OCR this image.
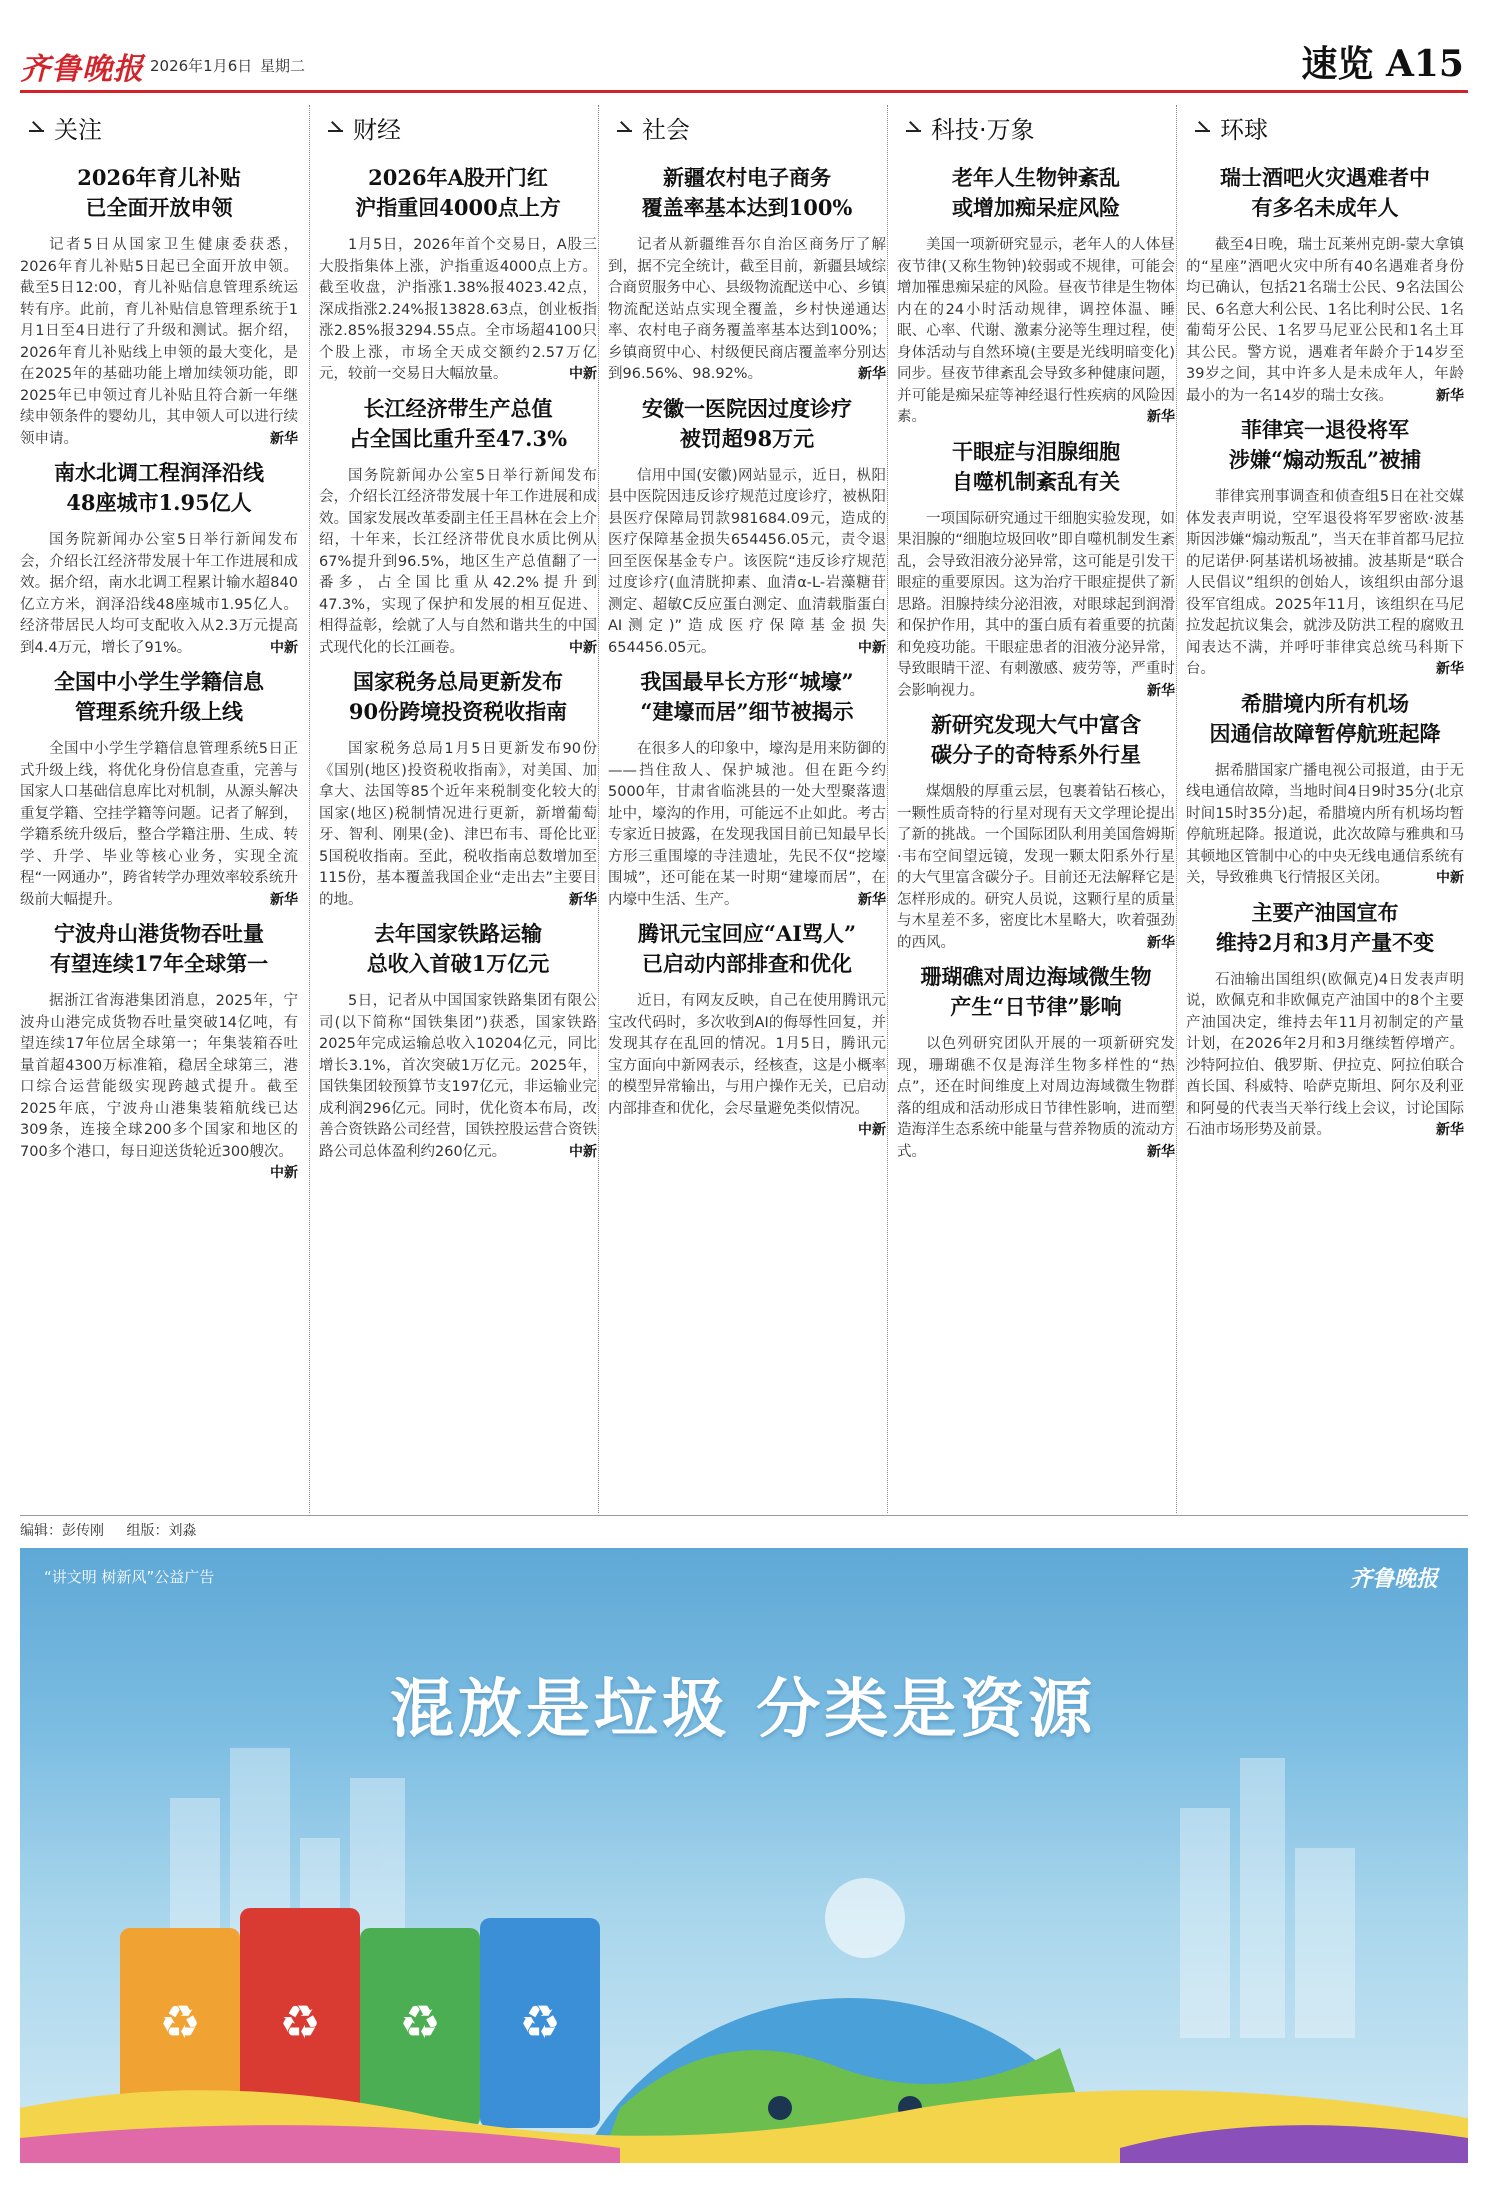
齐鲁晚报 2026年1月6日 星期二	速览 A15
关注
2026年育儿补贴
已全面开放申领
记者5日从国家卫生健康委获悉，2026年育儿补贴5日起已全面开放申领。截至5日12:00，育儿补贴信息管理系统运转有序。此前，育儿补贴信息管理系统于1月1日至4日进行了升级和测试。据介绍，2026年育儿补贴线上申领的最大变化，是在2025年的基础功能上增加续领功能，即2025年已申领过育儿补贴且符合新一年继续申领条件的婴幼儿，其申领人可以进行续领申请。	新华
南水北调工程润泽沿线
48座城市1.95亿人
国务院新闻办公室5日举行新闻发布会，介绍长江经济带发展十年工作进展和成效。据介绍，南水北调工程累计输水超840亿立方米，润泽沿线48座城市1.95亿人。经济带居民人均可支配收入从2.3万元提高到4.4万元，增长了91%。	中新
全国中小学生学籍信息
管理系统升级上线
全国中小学生学籍信息管理系统5日正式升级上线，将优化身份信息查重，完善与国家人口基础信息库比对机制，从源头解决重复学籍、空挂学籍等问题。记者了解到，学籍系统升级后，整合学籍注册、生成、转学、升学、毕业等核心业务，实现全流程“一网通办”，跨省转学办理效率较系统升级前大幅提升。	新华
宁波舟山港货物吞吐量
有望连续17年全球第一
据浙江省海港集团消息，2025年，宁波舟山港完成货物吞吐量突破14亿吨，有望连续17年位居全球第一；年集装箱吞吐量首超4300万标准箱，稳居全球第三，港口综合运营能级实现跨越式提升。截至2025年底，宁波舟山港集装箱航线已达309条，连接全球200多个国家和地区的700多个港口，每日迎送货轮近300艘次。
中新
财经
2026年A股开门红
沪指重回4000点上方
1月5日，2026年首个交易日，A股三大股指集体上涨，沪指重返4000点上方。截至收盘，沪指涨1.38%报4023.42点，深成指涨2.24%报13828.63点，创业板指涨2.85%报3294.55点。全市场超4100只个股上涨，市场全天成交额约2.57万亿元，较前一交易日大幅放量。	中新
长江经济带生产总值
占全国比重升至47.3%
国务院新闻办公室5日举行新闻发布会，介绍长江经济带发展十年工作进展和成效。国家发展改革委副主任王昌林在会上介绍，十年来，长江经济带优良水质比例从67%提升到96.5%，地区生产总值翻了一番多，占全国比重从42.2%提升到47.3%，实现了保护和发展的相互促进、相得益彰，绘就了人与自然和谐共生的中国式现代化的长江画卷。	中新
国家税务总局更新发布
90份跨境投资税收指南
国家税务总局1月5日更新发布90份《国别(地区)投资税收指南》，对美国、加拿大、法国等85个近年来税制变化较大的国家(地区)税制情况进行更新，新增葡萄牙、智利、刚果(金)、津巴布韦、哥伦比亚5国税收指南。至此，税收指南总数增加至115份，基本覆盖我国企业“走出去”主要目的地。	新华
去年国家铁路运输
总收入首破1万亿元
5日，记者从中国国家铁路集团有限公司(以下简称“国铁集团”)获悉，国家铁路2025年完成运输总收入10204亿元，同比增长3.1%，首次突破1万亿元。2025年，国铁集团较预算节支197亿元，非运输业完成利润296亿元。同时，优化资本布局，改善合资铁路公司经营，国铁控股运营合资铁路公司总体盈利约260亿元。	中新
社会
新疆农村电子商务
覆盖率基本达到100%
记者从新疆维吾尔自治区商务厅了解到，据不完全统计，截至目前，新疆县域综合商贸服务中心、县级物流配送中心、乡镇物流配送站点实现全覆盖，乡村快递通达率、农村电子商务覆盖率基本达到100%；乡镇商贸中心、村级便民商店覆盖率分别达到96.56%、98.92%。	新华
安徽一医院因过度诊疗
被罚超98万元
信用中国(安徽)网站显示，近日，枞阳县中医院因违反诊疗规范过度诊疗，被枞阳县医疗保障局罚款981684.09元，造成的医疗保障基金损失654456.05元，责令退回至医保基金专户。该医院“违反诊疗规范过度诊疗(血清胱抑素、血清α-L-岩藻糖苷测定、超敏C反应蛋白测定、血清载脂蛋白AI测定)”造成医疗保障基金损失654456.05元。	中新
我国最早长方形“城壕”
“建壕而居”细节被揭示
在很多人的印象中，壕沟是用来防御的——挡住敌人、保护城池。但在距今约5000年，甘肃省临洮县的一处大型聚落遗址中，壕沟的作用，可能远不止如此。考古专家近日披露，在发现我国目前已知最早长方形三重围壕的寺洼遗址，先民不仅“挖壕围城”，还可能在某一时期“建壕而居”，在内壕中生活、生产。	新华
腾讯元宝回应“AI骂人”
已启动内部排查和优化
近日，有网友反映，自己在使用腾讯元宝改代码时，多次收到AI的侮辱性回复，并发现其存在乱回的情况。1月5日，腾讯元宝方面向中新网表示，经核查，这是小概率的模型异常输出，与用户操作无关，已启动内部排查和优化，会尽量避免类似情况。
中新
科技·万象
老年人生物钟紊乱
或增加痴呆症风险
美国一项新研究显示，老年人的人体昼夜节律(又称生物钟)较弱或不规律，可能会增加罹患痴呆症的风险。昼夜节律是生物体内在的24小时活动规律，调控体温、睡眠、心率、代谢、激素分泌等生理过程，使身体活动与自然环境(主要是光线明暗变化)同步。昼夜节律紊乱会导致多种健康问题，并可能是痴呆症等神经退行性疾病的风险因素。	新华
干眼症与泪腺细胞
自噬机制紊乱有关
一项国际研究通过干细胞实验发现，如果泪腺的“细胞垃圾回收”即自噬机制发生紊乱，会导致泪液分泌异常，这可能是引发干眼症的重要原因。这为治疗干眼症提供了新思路。泪腺持续分泌泪液，对眼球起到润滑和保护作用，其中的蛋白质有着重要的抗菌和免疫功能。干眼症患者的泪液分泌异常，导致眼睛干涩、有刺激感、疲劳等，严重时会影响视力。	新华
新研究发现大气中富含
碳分子的奇特系外行星
煤烟般的厚重云层，包裹着钻石核心，一颗性质奇特的行星对现有天文学理论提出了新的挑战。一个国际团队利用美国詹姆斯·韦布空间望远镜，发现一颗太阳系外行星的大气里富含碳分子。目前还无法解释它是怎样形成的。研究人员说，这颗行星的质量与木星差不多，密度比木星略大，吹着强劲的西风。	新华
珊瑚礁对周边海域微生物
产生“日节律”影响
以色列研究团队开展的一项新研究发现，珊瑚礁不仅是海洋生物多样性的“热点”，还在时间维度上对周边海域微生物群落的组成和活动形成日节律性影响，进而塑造海洋生态系统中能量与营养物质的流动方式。	新华
环球
瑞士酒吧火灾遇难者中
有多名未成年人
截至4日晚，瑞士瓦莱州克朗-蒙大拿镇的“星座”酒吧火灾中所有40名遇难者身份均已确认，包括21名瑞士公民、9名法国公民、6名意大利公民、1名比利时公民、1名葡萄牙公民、1名罗马尼亚公民和1名土耳其公民。警方说，遇难者年龄介于14岁至39岁之间，其中许多人是未成年人，年龄最小的为一名14岁的瑞士女孩。	新华
菲律宾一退役将军
涉嫌“煽动叛乱”被捕
菲律宾刑事调查和侦查组5日在社交媒体发表声明说，空军退役将军罗密欧·波基斯因涉嫌“煽动叛乱”，当天在菲首都马尼拉的尼诺伊·阿基诺机场被捕。波基斯是“联合人民倡议”组织的创始人，该组织由部分退役军官组成。2025年11月，该组织在马尼拉发起抗议集会，就涉及防洪工程的腐败丑闻表达不满，并呼吁菲律宾总统马科斯下台。	新华
希腊境内所有机场
因通信故障暂停航班起降
据希腊国家广播电视公司报道，由于无线电通信故障，当地时间4日9时35分(北京时间15时35分)起，希腊境内所有机场均暂停航班起降。报道说，此次故障与雅典和马其顿地区管制中心的中央无线电通信系统有关，导致雅典飞行情报区关闭。	中新
主要产油国宣布
维持2月和3月产量不变
石油输出国组织(欧佩克)4日发表声明说，欧佩克和非欧佩克产油国中的8个主要产油国决定，维持去年11月初制定的产量计划，在2026年2月和3月继续暂停增产。沙特阿拉伯、俄罗斯、伊拉克、阿拉伯联合酋长国、科威特、哈萨克斯坦、阿尔及利亚和阿曼的代表当天举行线上会议，讨论国际石油市场形势及前景。	新华
编辑：彭传刚 组版：刘淼
♻ ♻ ♻ ♻
“讲文明 树新风”公益广告	齐鲁晚报
混放是垃圾 分类是资源
